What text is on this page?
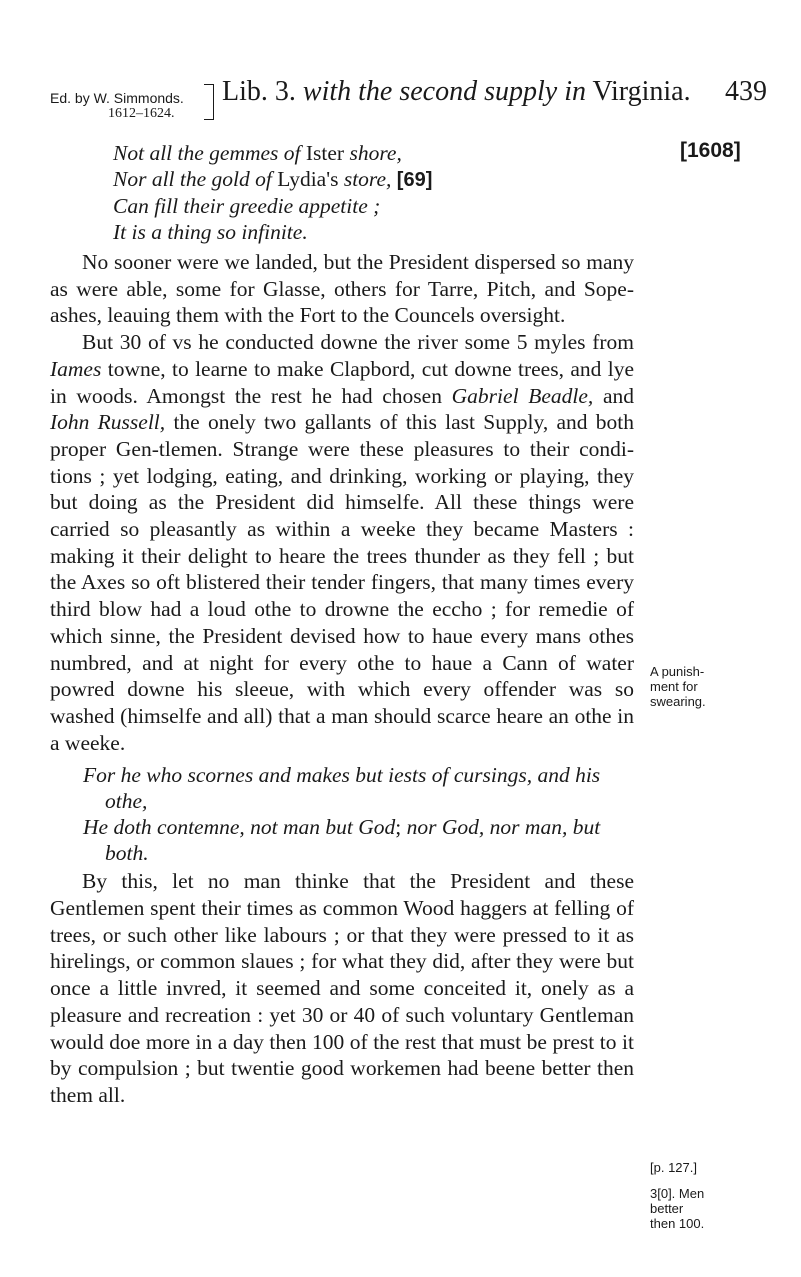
Ed. by W. Simmonds.
1612–1624.
Lib. 3. with the second supply in Virginia. 439
[1608]
Not all the gemmes of Ister shore,
Nor all the gold of Lydia's store, [69]
Can fill their greedie appetite ;
It is a thing so infinite.

No sooner were we landed, but the President dispersed so many as were able, some for Glasse, others for Tarre, Pitch, and Sope-ashes, leauing them with the Fort to the Councels oversight.

But 30 of vs he conducted downe the river some 5 myles from Iames towne, to learne to make Clapbord, cut downe trees, and lye in woods. Amongst the rest he had chosen Gabriel Beadle, and Iohn Russell, the onely two gallants of this last Supply, and both proper Gen-tlemen. Strange were these pleasures to their condi-tions ; yet lodging, eating, and drinking, working or playing, they but doing as the President did himselfe. All these things were carried so pleasantly as within a weeke they became Masters : making it their delight to heare the trees thunder as they fell ; but the Axes so oft blistered their tender fingers, that many times every third blow had a loud othe to drowne the eccho ; for remedie of which sinne, the President devised how to haue every mans othes numbred, and at night for every othe to haue a Cann of water powred downe his sleeue, with which every offender was so washed (himselfe and all) that a man should scarce heare an othe in a weeke.

For he who scornes and makes but iests of cursings, and his
othe,
He doth contemne, not man but God; nor God, nor man, but
both.

By this, let no man thinke that the President and these Gentlemen spent their times as common Wood haggers at felling of trees, or such other like labours ; or that they were pressed to it as hirelings, or common slaues ; for what they did, after they were but once a little invred, it seemed and some conceited it, onely as a pleasure and recreation : yet 30 or 40 of such voluntary Gentleman would doe more in a day then 100 of the rest that must be prest to it by compulsion ; but twentie good workemen had beene better then them all.

A punish-
ment for
swearing.
[p. 127.]
3[0]. Men
better
then 100.
